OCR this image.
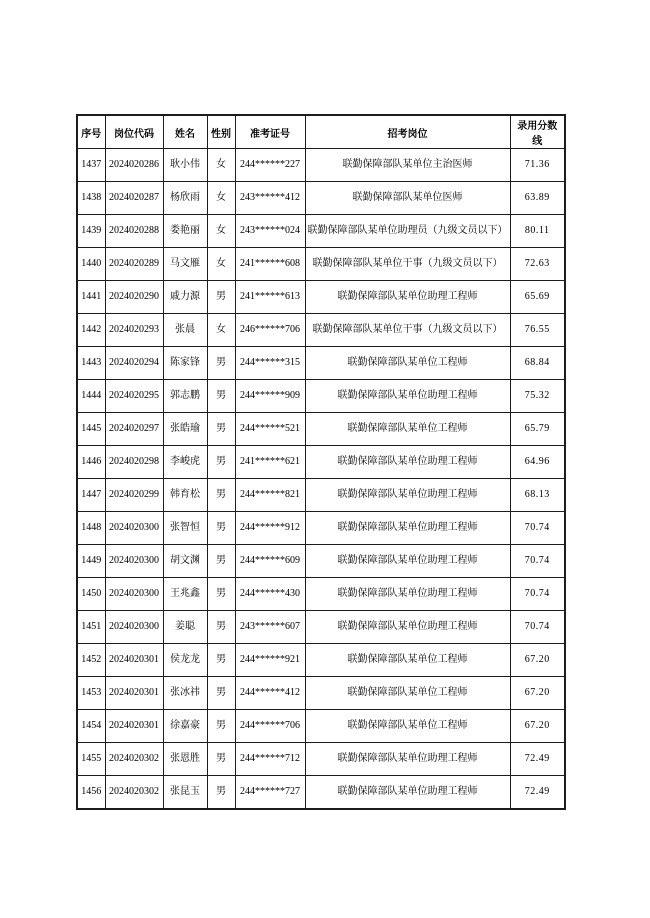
序号	岗位代码	姓名	性别	准考证号	招考岗位	录用分数线
1437	2024020286	耿小伟	女	244******227	联勤保障部队某单位主治医师	71.36
1438	2024020287	杨欣雨	女	243******412	联勤保障部队某单位医师	63.89
1439	2024020288	娄艳丽	女	243******024	联勤保障部队某单位助理员（九级文员以下）	80.11
1440	2024020289	马文雁	女	241******608	联勤保障部队某单位干事（九级文员以下）	72.63
1441	2024020290	戚力源	男	241******613	联勤保障部队某单位助理工程师	65.69
1442	2024020293	张晨	女	246******706	联勤保障部队某单位干事（九级文员以下）	76.55
1443	2024020294	陈家锋	男	244******315	联勤保障部队某单位工程师	68.84
1444	2024020295	郭志鹏	男	244******909	联勤保障部队某单位助理工程师	75.32
1445	2024020297	张皓瑜	男	244******521	联勤保障部队某单位工程师	65.79
1446	2024020298	李峻虎	男	241******621	联勤保障部队某单位助理工程师	64.96
1447	2024020299	韩育松	男	244******821	联勤保障部队某单位助理工程师	68.13
1448	2024020300	张智恒	男	244******912	联勤保障部队某单位助理工程师	70.74
1449	2024020300	胡文渊	男	244******609	联勤保障部队某单位助理工程师	70.74
1450	2024020300	王兆鑫	男	244******430	联勤保障部队某单位助理工程师	70.74
1451	2024020300	姜聪	男	243******607	联勤保障部队某单位助理工程师	70.74
1452	2024020301	侯龙龙	男	244******921	联勤保障部队某单位工程师	67.20
1453	2024020301	张冰祎	男	244******412	联勤保障部队某单位工程师	67.20
1454	2024020301	徐嘉豪	男	244******706	联勤保障部队某单位工程师	67.20
1455	2024020302	张恩胜	男	244******712	联勤保障部队某单位助理工程师	72.49
1456	2024020302	张昆玉	男	244******727	联勤保障部队某单位助理工程师	72.49
